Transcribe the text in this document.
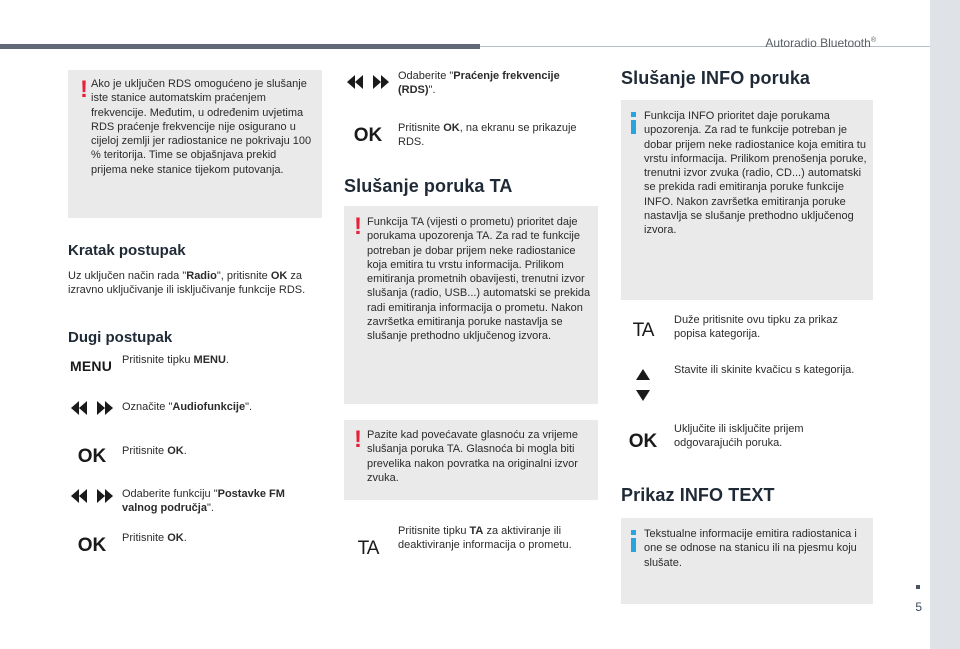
Autoradio Bluetooth®
5
! Ako je uključen RDS omogućeno je slušanje iste stanice automatskim praćenjem frekvencije. Međutim, u određenim uvjetima RDS praćenje frekvencije nije osigurano u cijeloj zemlji jer radiostanice ne pokrivaju 100 % teritorija. Time se objašnjava prekid prijema neke stanice tijekom putovanja.

Kratak postupak

Uz uključen način rada "Radio", pritisnite OK za izravno uključivanje ili isključivanje funkcije RDS.

Dugi postupak
MENU Pritisnite tipku MENU.

Označite "Audiofunkcije".

OK Pritisnite OK.

Odaberite funkciju "Postavke FM valnog područja".

OK Pritisnite OK.

Odaberite "Praćenje frekvencije (RDS)".

OK Pritisnite OK, na ekranu se prikazuje RDS.

Slušanje poruka TA
! Funkcija TA (vijesti o prometu) prioritet daje porukama upozorenja TA. Za rad te funkcije potreban je dobar prijem neke radiostanice koja emitira tu vrstu informacija. Prilikom emitiranja prometnih obavijesti, trenutni izvor slušanja (radio, USB...) automatski se prekida radi emitiranja informacija o prometu. Nakon završetka emitiranja poruke nastavlja se slušanje prethodno uključenog izvora.

! Pazite kad povećavate glasnoću za vrijeme slušanja poruka TA. Glasnoća bi mogla biti prevelika nakon povratka na originalni izvor zvuka.

TA

Pritisnite tipku TA za aktiviranje ili deaktiviranje informacija o prometu.

Slušanje INFO poruka

Funkcija INFO prioritet daje porukama upozorenja. Za rad te funkcije potreban je dobar prijem neke radiostanice koja emitira tu vrstu informacija. Prilikom prenošenja poruke, trenutni izvor zvuka (radio, CD...) automatski se prekida radi emitiranja poruke funkcije INFO. Nakon završetka emitiranja poruke nastavlja se slušanje prethodno uključenog izvora.

TA Duže pritisnite ovu tipku za prikaz popisa kategorija.

Stavite ili skinite kvačicu s kategorija.

OK

Uključite ili isključite prijem odgovarajućih poruka.

Prikaz INFO TEXT

Tekstualne informacije emitira radiostanica i one se odnose na stanicu ili na pjesmu koju slušate.
